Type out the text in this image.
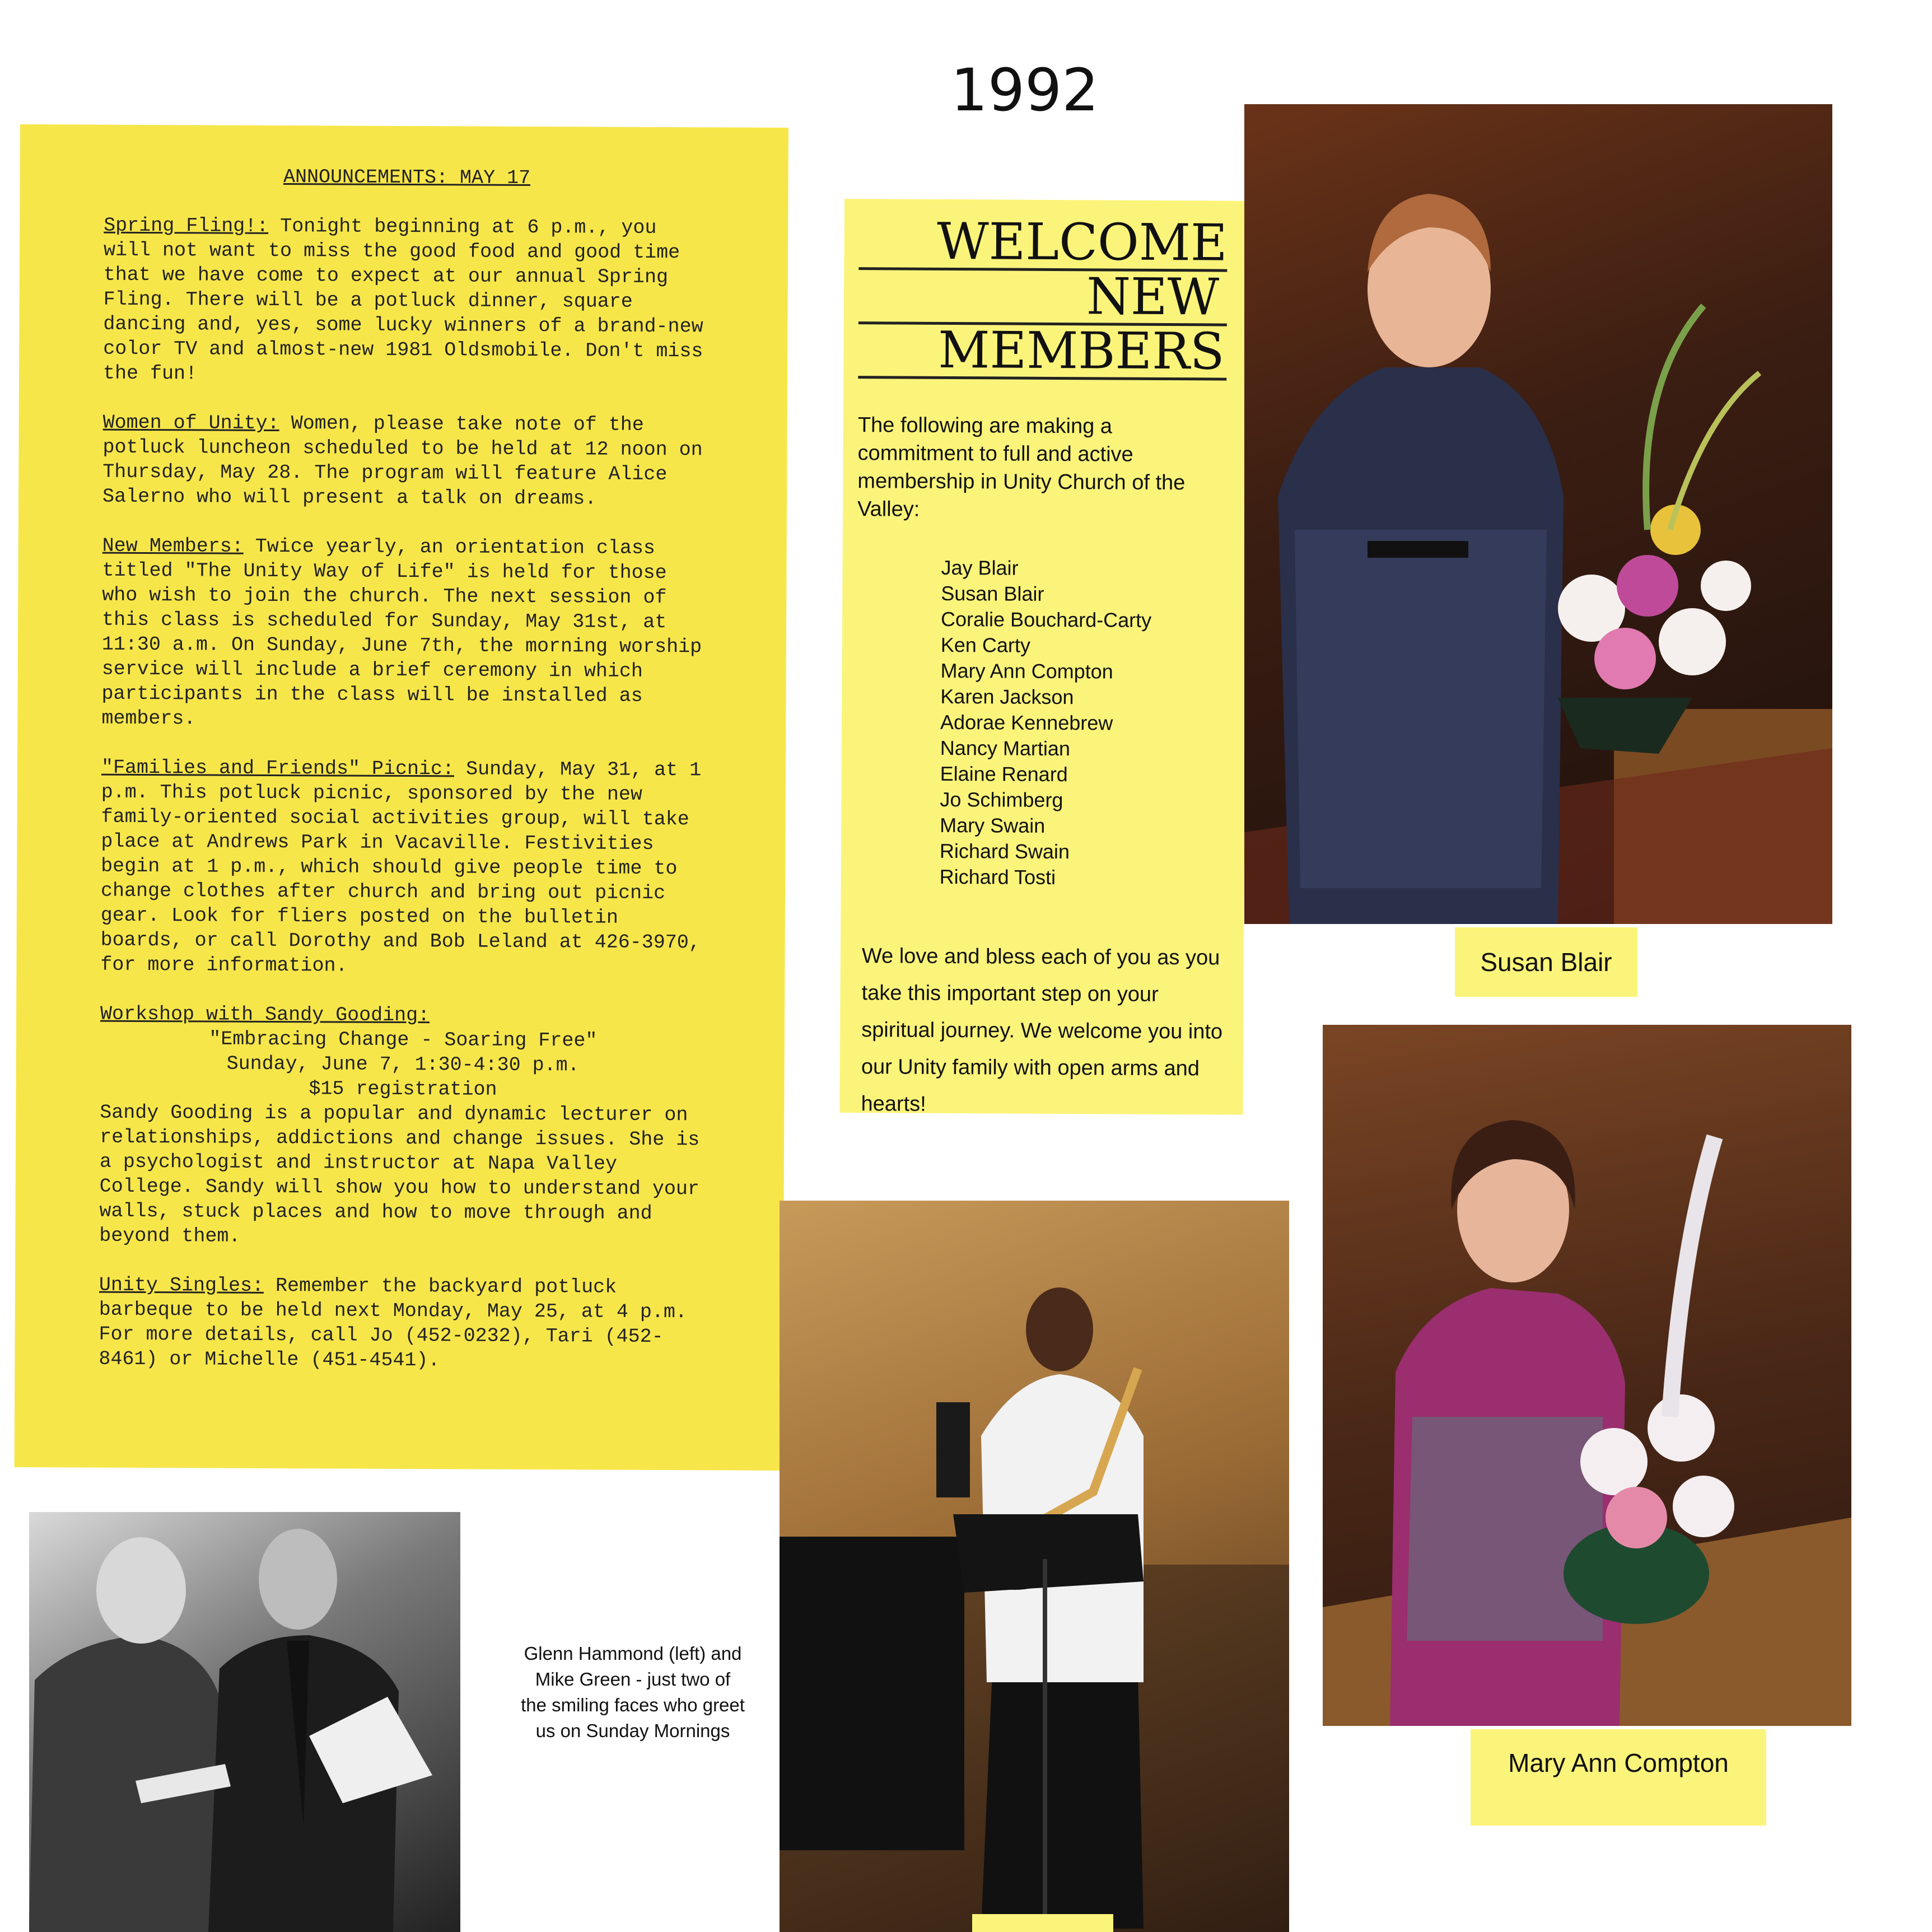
1992
ANNOUNCEMENTS: MAY 17
Spring Fling!: Tonight beginning at 6 p.m., you will not want to miss the good food and good time that we have come to expect at our annual Spring Fling. There will be a potluck dinner, square dancing and, yes, some lucky winners of a brand-new color TV and almost-new 1981 Oldsmobile. Don't miss the fun!
Women of Unity: Women, please take note of the potluck luncheon scheduled to be held at 12 noon on Thursday, May 28. The program will feature Alice Salerno who will present a talk on dreams.
New Members: Twice yearly, an orientation class titled "The Unity Way of Life" is held for those who wish to join the church. The next session of this class is scheduled for Sunday, May 31st, at 11:30 a.m. On Sunday, June 7th, the morning worship service will include a brief ceremony in which participants in the class will be installed as members.
"Families and Friends" Picnic: Sunday, May 31, at 1 p.m. This potluck picnic, sponsored by the new family-oriented social activities group, will take place at Andrews Park in Vacaville. Festivities begin at 1 p.m., which should give people time to change clothes after church and bring out picnic gear. Look for fliers posted on the bulletin boards, or call Dorothy and Bob Leland at 426-3970, for more information.
Workshop with Sandy Gooding:
"Embracing Change - Soaring Free"
Sunday, June 7, 1:30-4:30 p.m.
$15 registration
Sandy Gooding is a popular and dynamic lecturer on relationships, addictions and change issues. She is a psychologist and instructor at Napa Valley College. Sandy will show you how to understand your walls, stuck places and how to move through and beyond them.
Unity Singles: Remember the backyard potluck barbeque to be held next Monday, May 25, at 4 p.m. For more details, call Jo (452-0232), Tari (452-8461) or Michelle (451-4541).
WELCOME
NEW
MEMBERS
The following are making a commitment to full and active membership in Unity Church of the Valley:
Jay Blair
Susan Blair
Coralie Bouchard-Carty
Ken Carty
Mary Ann Compton
Karen Jackson
Adorae Kennebrew
Nancy Martian
Elaine Renard
Jo Schimberg
Mary Swain
Richard Swain
Richard Tosti
We love and bless each of you as you take this important step on your spiritual journey. We welcome you into our Unity family with open arms and hearts!
Susan Blair
Mary Ann Compton
Glenn Hammond (left) and Mike Green - just two of the smiling faces who greet us on Sunday Mornings
